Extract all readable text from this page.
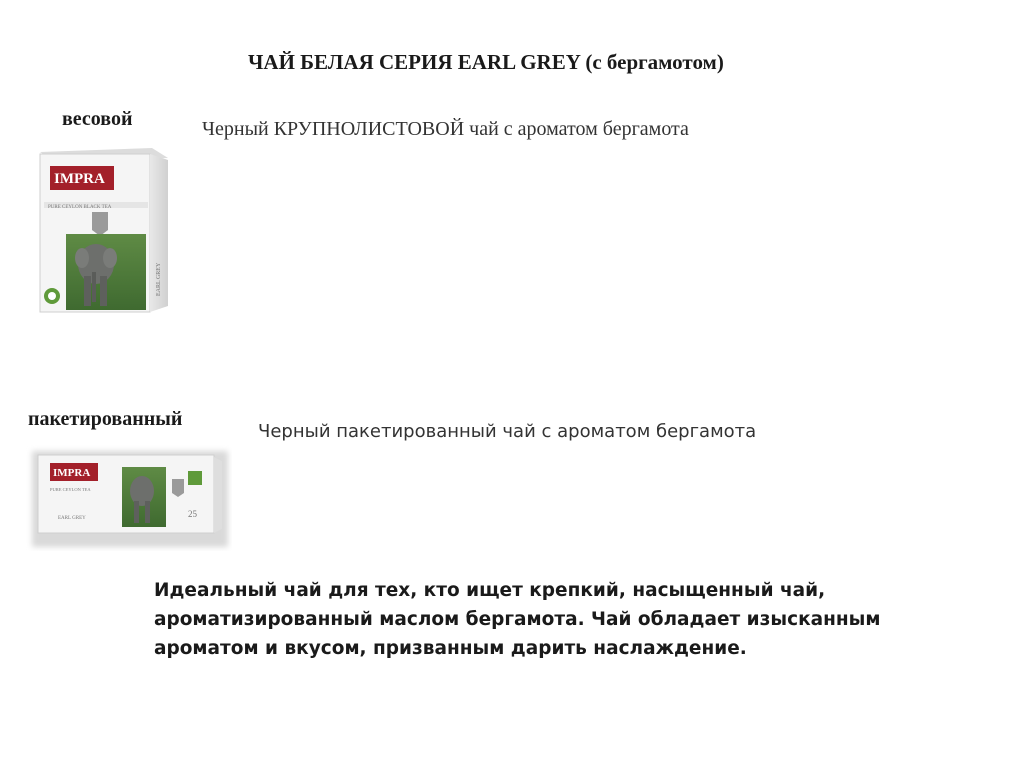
ЧАЙ БЕЛАЯ СЕРИЯ EARL GREY (с бергамотом)
весовой	Черный КРУПНОЛИСТОВОЙ чай с ароматом бергамота
IMPRA
PURE CEYLON BLACK TEA
EARL GREY
пакетированный
Черный пакетированный чай с ароматом бергамота
IMPRA
PURE CEYLON TEA
EARL GREY	25

Идеальный чай для тех, кто ищет крепкий, насыщенный чай,

ароматизированный маслом бергамота. Чай обладает изысканным

ароматом и вкусом, призванным дарить наслаждение.
